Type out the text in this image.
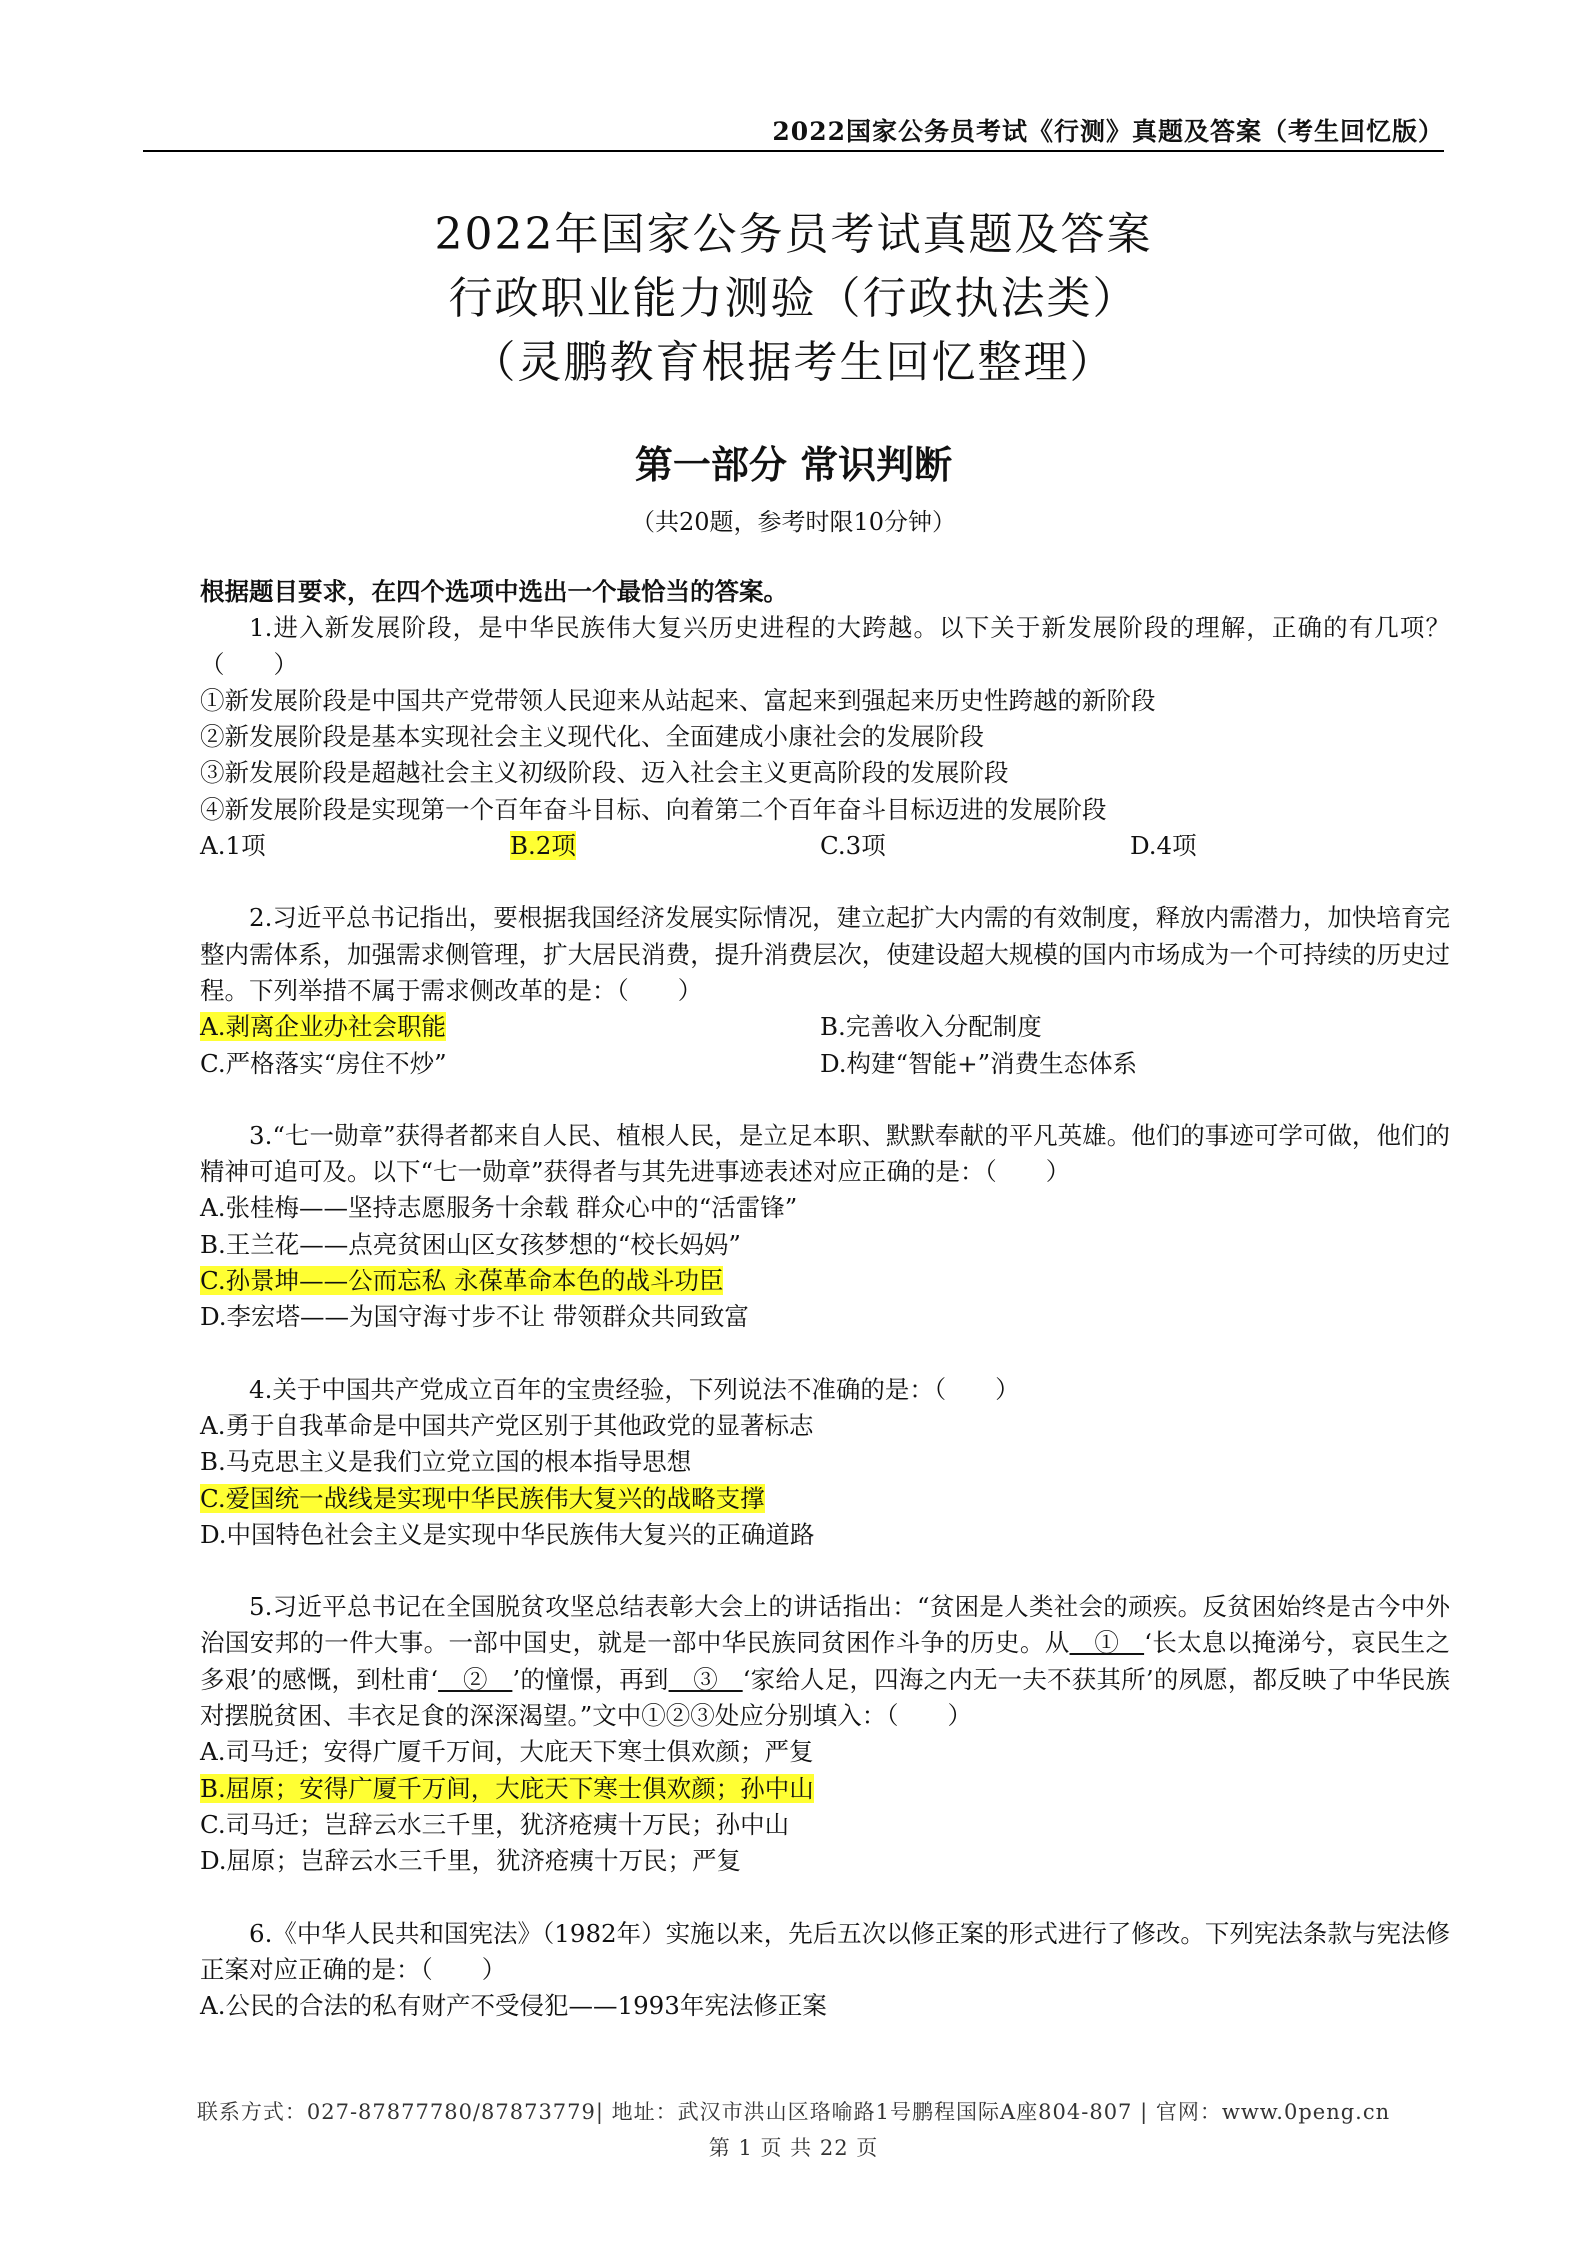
2022国家公务员考试《行测》真题及答案（考生回忆版）
2022年国家公务员考试真题及答案
行政职业能力测验（行政执法类）
（灵鹏教育根据考生回忆整理）
第一部分 常识判断
（共20题，参考时限10分钟）

根据题目要求，在四个选项中选出一个最恰当的答案。

1.进入新发展阶段，是中华民族伟大复兴历史进程的大跨越。以下关于新发展阶段的理解，正确的有几项？（　　）

①新发展阶段是中国共产党带领人民迎来从站起来、富起来到强起来历史性跨越的新阶段

②新发展阶段是基本实现社会主义现代化、全面建成小康社会的发展阶段

③新发展阶段是超越社会主义初级阶段、迈入社会主义更高阶段的发展阶段

④新发展阶段是实现第一个百年奋斗目标、向着第二个百年奋斗目标迈进的发展阶段

A.1项	B.2项	C.3项	D.4项

2.习近平总书记指出，要根据我国经济发展实际情况，建立起扩大内需的有效制度，释放内需潜力，加快培育完整内需体系，加强需求侧管理，扩大居民消费，提升消费层次，使建设超大规模的国内市场成为一个可持续的历史过程。下列举措不属于需求侧改革的是：（　　）

A.剥离企业办社会职能	B.完善收入分配制度
C.严格落实“房住不炒”	D.构建“智能+”消费生态体系

3.“七一勋章”获得者都来自人民、植根人民，是立足本职、默默奉献的平凡英雄。他们的事迹可学可做，他们的精神可追可及。以下“七一勋章”获得者与其先进事迹表述对应正确的是：（　　）

A.张桂梅——坚持志愿服务十余载 群众心中的“活雷锋”

B.王兰花——点亮贫困山区女孩梦想的“校长妈妈”

C.孙景坤——公而忘私 永葆革命本色的战斗功臣

D.李宏塔——为国守海寸步不让 带领群众共同致富

4.关于中国共产党成立百年的宝贵经验，下列说法不准确的是：（　　）

A.勇于自我革命是中国共产党区别于其他政党的显著标志

B.马克思主义是我们立党立国的根本指导思想

C.爱国统一战线是实现中华民族伟大复兴的战略支撑

D.中国特色社会主义是实现中华民族伟大复兴的正确道路

5.习近平总书记在全国脱贫攻坚总结表彰大会上的讲话指出：“贫困是人类社会的顽疾。反贫困始终是古今中外治国安邦的一件大事。一部中国史，就是一部中华民族同贫困作斗争的历史。从　①　‘长太息以掩涕兮，哀民生之多艰’的感慨，到杜甫‘　②　’的憧憬，再到　③　‘家给人足，四海之内无一夫不获其所’的夙愿，都反映了中华民族对摆脱贫困、丰衣足食的深深渴望。”文中①②③处应分别填入：（　　）

A.司马迁；安得广厦千万间，大庇天下寒士俱欢颜；严复

B.屈原；安得广厦千万间，大庇天下寒士俱欢颜；孙中山

C.司马迁；岂辞云水三千里，犹济疮痍十万民；孙中山

D.屈原；岂辞云水三千里，犹济疮痍十万民；严复

6.《中华人民共和国宪法》（1982年）实施以来，先后五次以修正案的形式进行了修改。下列宪法条款与宪法修正案对应正确的是：（　　）

A.公民的合法的私有财产不受侵犯——1993年宪法修正案

联系方式：027-87877780/87873779| 地址：武汉市洪山区珞喻路1号鹏程国际A座804-807 | 官网：www.0peng.cn
第 1 页 共 22 页
